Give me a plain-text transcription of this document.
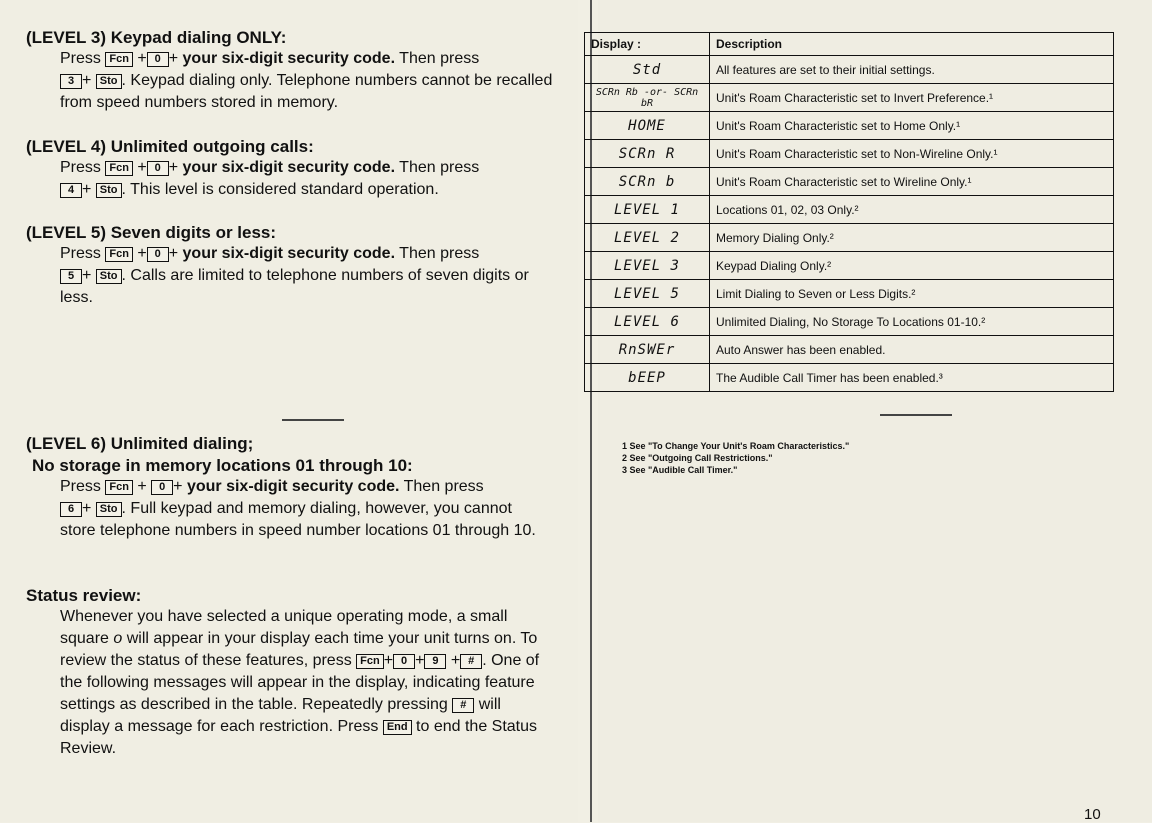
(LEVEL 3) Keypad dialing ONLY:

Press Fcn + 0 + your six-digit security code. Then press

3 + Sto . Keypad dialing only. Telephone numbers cannot be recalled from speed numbers stored in memory.

(LEVEL 4) Unlimited outgoing calls:

Press Fcn + 0 + your six-digit security code. Then press

4 + Sto . This level is considered standard operation.

(LEVEL 5) Seven digits or less:

Press Fcn + 0 + your six-digit security code. Then press

5 + Sto . Calls are limited to telephone numbers of seven digits or less.

(LEVEL 6) Unlimited dialing;
No storage in memory locations 01 through 10:

Press Fcn + 0 + your six-digit security code. Then press

6 + Sto . Full keypad and memory dialing, however, you cannot store telephone numbers in speed number locations 01 through 10.

Status review:

Whenever you have selected a unique operating mode, a small square o will appear in your display each time your unit turns on. To review the status of these features, press Fcn + 0 + 9 + # . One of the following messages will appear in the display, indicating feature settings as described in the table. Repeatedly pressing # will display a message for each restriction. Press End to end the Status Review.

Display :	Description
Std	All features are set to their initial settings.
SCRn Rb -or- SCRn bR	Unit's Roam Characteristic set to Invert Preference.¹
HOME	Unit's Roam Characteristic set to Home Only.¹
SCRn R	Unit's Roam Characteristic set to Non-Wireline Only.¹
SCRn b	Unit's Roam Characteristic set to Wireline Only.¹
LEVEL 1	Locations 01, 02, 03 Only.²
LEVEL 2	Memory Dialing Only.²
LEVEL 3	Keypad Dialing Only.²
LEVEL 5	Limit Dialing to Seven or Less Digits.²
LEVEL 6	Unlimited Dialing, No Storage To Locations 01-10.²
RnSWEr	Auto Answer has been enabled.
bEEP	The Audible Call Timer has been enabled.³
1 See "To Change Your Unit's Roam Characteristics."
2 See "Outgoing Call Restrictions."
3 See "Audible Call Timer."
10
